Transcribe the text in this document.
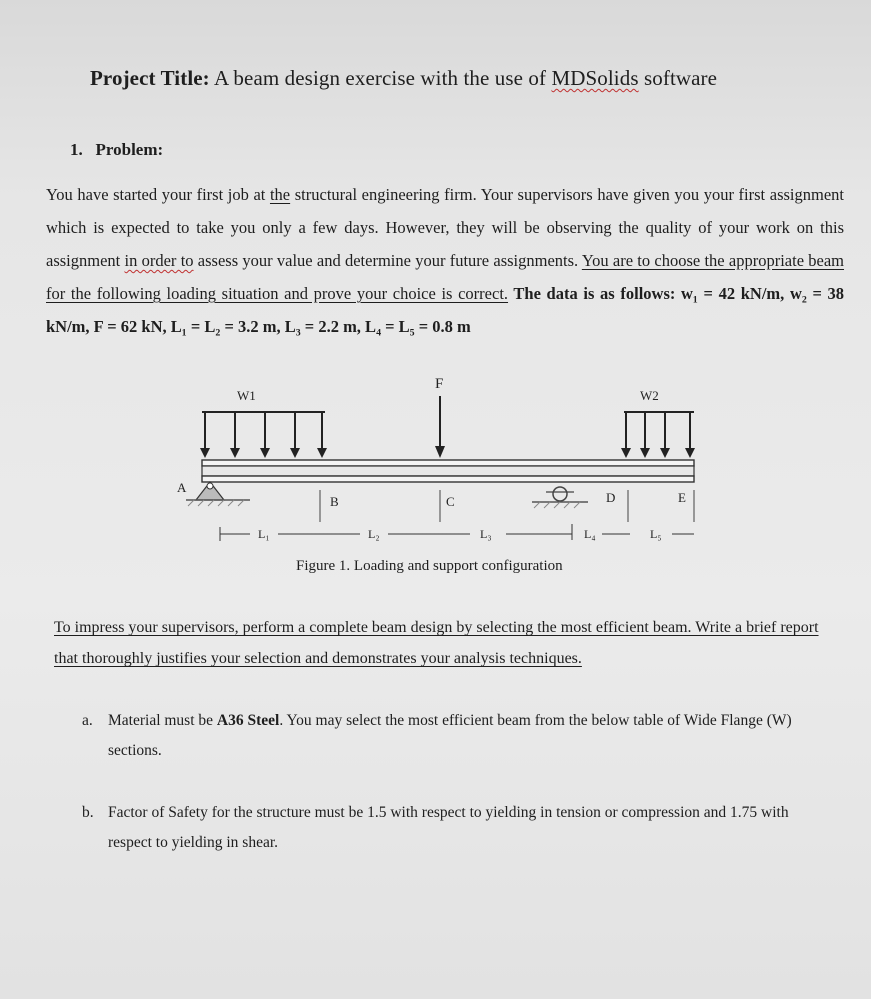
Project Title: A beam design exercise with the use of MDSolids software
1. Problem:
You have started your first job at the structural engineering firm. Your supervisors have given you your first assignment which is expected to take you only a few days. However, they will be observing the quality of your work on this assignment in order to assess your value and determine your future assignments. You are to choose the appropriate beam for the following loading situation and prove your choice is correct. The data is as follows: w₁ = 42 kN/m, w₂ = 38 kN/m, F = 62 kN, L₁ = L₂ = 3.2 m, L₃ = 2.2 m, L₄ = L₅ = 0.8 m
W1
F
W2
A
B	C	D	E
L₁	L₂	L₃	L₄	L₅
Figure 1. Loading and support configuration
To impress your supervisors, perform a complete beam design by selecting the most efficient beam. Write a brief report that thoroughly justifies your selection and demonstrates your analysis techniques.
a. Material must be A36 Steel. You may select the most efficient beam from the below table of Wide Flange (W) sections.
b. Factor of Safety for the structure must be 1.5 with respect to yielding in tension or compression and 1.75 with respect to yielding in shear.
